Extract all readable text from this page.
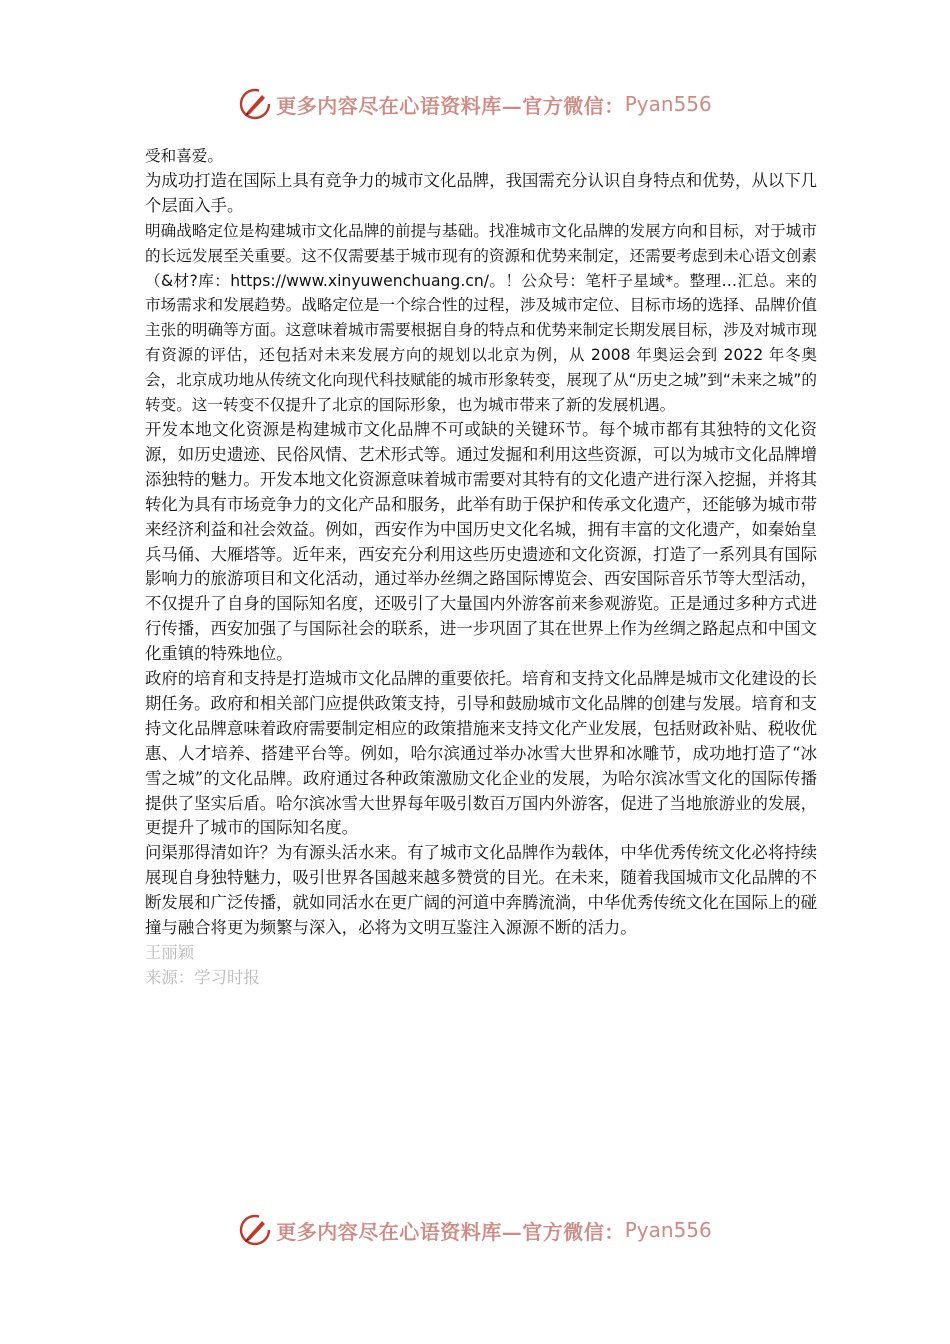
更多内容尽在心语资料库—官方微信： Pyan556

受和喜爱。

为成功打造在国际上具有竞争力的城市文化品牌，我国需充分认识自身特点和优势，从以下几个层面入手。

明确战略定位是构建城市文化品牌的前提与基础。找准城市文化品牌的发展方向和目标，对于城市的长远发展至关重要。这不仅需要基于城市现有的资源和优势来制定，还需要考虑到未心语文创素（&材?库：https://www.xinyuwenchuang.cn/。！公众号：笔杆子星域*。整理…汇总。来的市场需求和发展趋势。战略定位是一个综合性的过程，涉及城市定位、目标市场的选择、品牌价值主张的明确等方面。这意味着城市需要根据自身的特点和优势来制定长期发展目标，涉及对城市现有资源的评估，还包括对未来发展方向的规划以北京为例，从 2008 年奥运会到 2022 年冬奥会，北京成功地从传统文化向现代科技赋能的城市形象转变，展现了从“历史之城”到“未来之城”的转变。这一转变不仅提升了北京的国际形象，也为城市带来了新的发展机遇。

开发本地文化资源是构建城市文化品牌不可或缺的关键环节。每个城市都有其独特的文化资源，如历史遗迹、民俗风情、艺术形式等。通过发掘和利用这些资源，可以为城市文化品牌增添独特的魅力。开发本地文化资源意味着城市需要对其特有的文化遗产进行深入挖掘，并将其转化为具有市场竞争力的文化产品和服务，此举有助于保护和传承文化遗产，还能够为城市带来经济利益和社会效益。例如，西安作为中国历史文化名城，拥有丰富的文化遗产，如秦始皇兵马俑、大雁塔等。近年来，西安充分利用这些历史遗迹和文化资源，打造了一系列具有国际影响力的旅游项目和文化活动，通过举办丝绸之路国际博览会、西安国际音乐节等大型活动，不仅提升了自身的国际知名度，还吸引了大量国内外游客前来参观游览。正是通过多种方式进行传播，西安加强了与国际社会的联系，进一步巩固了其在世界上作为丝绸之路起点和中国文化重镇的特殊地位。

政府的培育和支持是打造城市文化品牌的重要依托。培育和支持文化品牌是城市文化建设的长期任务。政府和相关部门应提供政策支持，引导和鼓励城市文化品牌的创建与发展。培育和支持文化品牌意味着政府需要制定相应的政策措施来支持文化产业发展，包括财政补贴、税收优惠、人才培养、搭建平台等。例如，哈尔滨通过举办冰雪大世界和冰雕节，成功地打造了“冰雪之城”的文化品牌。政府通过各种政策激励文化企业的发展，为哈尔滨冰雪文化的国际传播提供了坚实后盾。哈尔滨冰雪大世界每年吸引数百万国内外游客，促进了当地旅游业的发展，更提升了城市的国际知名度。

问渠那得清如许？为有源头活水来。有了城市文化品牌作为载体，中华优秀传统文化必将持续展现自身独特魅力，吸引世界各国越来越多赞赏的目光。在未来，随着我国城市文化品牌的不断发展和广泛传播，就如同活水在更广阔的河道中奔腾流淌，中华优秀传统文化在国际上的碰撞与融合将更为频繁与深入，必将为文明互鉴注入源源不断的活力。

王丽颖

来源：学习时报

更多内容尽在心语资料库—官方微信： Pyan556
